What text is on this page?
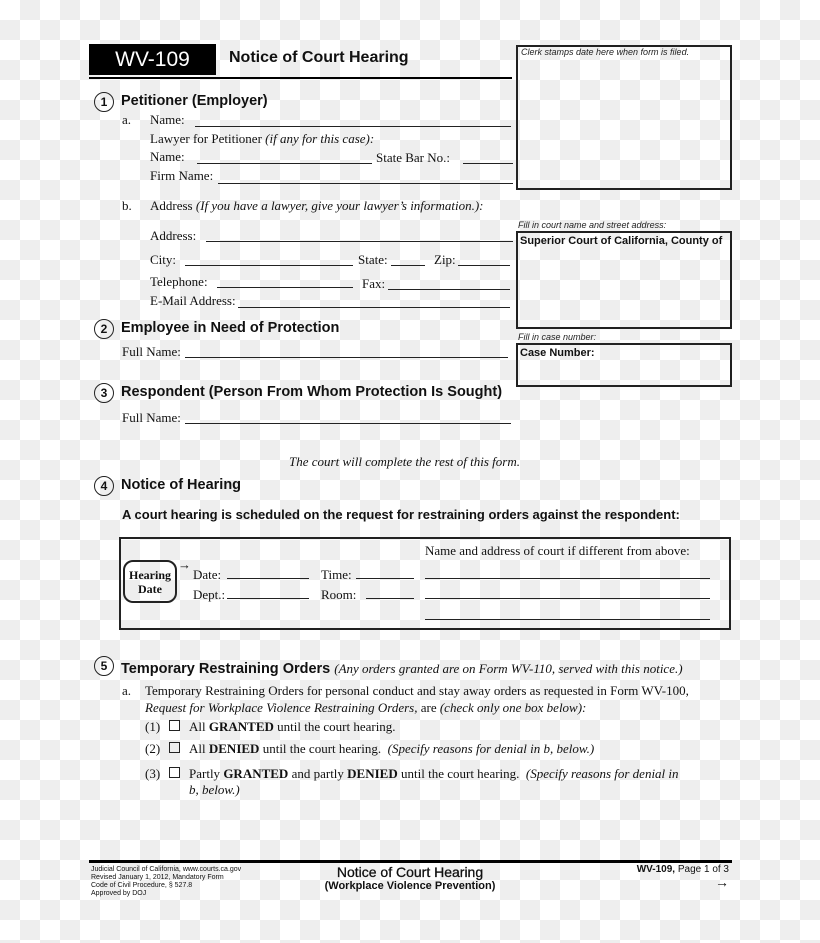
WV-109	Notice of Court Hearing	Clerk stamps date here when form is filed.
Fill in court name and street address:
Superior Court of California, County of
Fill in case number:
Case Number:
1 Petitioner (Employer)
a. Name:
Lawyer for Petitioner (if any for this case):
Name:	State Bar No.:
Firm Name:
b. Address (If you have a lawyer, give your lawyer’s information.):
Address:
City:	State:	Zip:
Telephone:	Fax:
E-Mail Address:
2 Employee in Need of Protection
Full Name:
3 Respondent (Person From Whom Protection Is Sought)
Full Name:
The court will complete the rest of this form.
4 Notice of Hearing
A court hearing is scheduled on the request for restraining orders against the respondent:
Hearing
Date
→
Date:	Time:
Dept.:	Room:
Name and address of court if different from above:
5 Temporary Restraining Orders (Any orders granted are on Form WV-110, served with this notice.)
a. Temporary Restraining Orders for personal conduct and stay away orders as requested in Form WV-100,
Request for Workplace Violence Restraining Orders, are (check only one box below):
(1) All GRANTED until the court hearing.
(2) All DENIED until the court hearing. (Specify reasons for denial in b, below.)
(3) Partly GRANTED and partly DENIED until the court hearing. (Specify reasons for denial in
b, below.)
Judicial Council of California, www.courts.ca.gov
Revised January 1, 2012, Mandatory Form
Code of Civil Procedure, § 527.8
Approved by DOJ
Notice of Court Hearing
(Workplace Violence Prevention)
WV-109, Page 1 of 3
→
